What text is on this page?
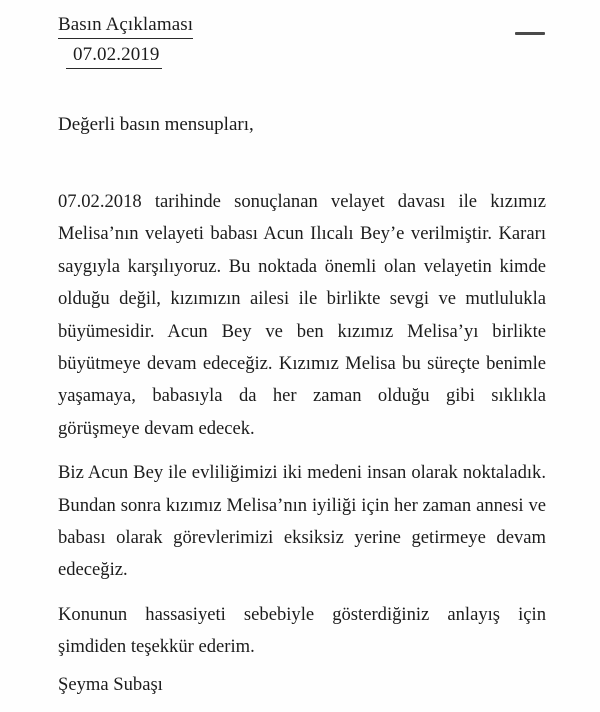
Basın Açıklaması
07.02.2019
Değerli basın mensupları,

07.02.2018 tarihinde sonuçlanan velayet davası ile kızımız Melisa’nın velayeti babası Acun Ilıcalı Bey’e verilmiştir. Kararı saygıyla karşılıyoruz. Bu noktada önemli olan velayetin kimde olduğu değil, kızımızın ailesi ile birlikte sevgi ve mutlulukla büyümesidir. Acun Bey ve ben kızımız Melisa’yı birlikte büyütmeye devam edeceğiz. Kızımız Melisa bu süreçte benimle yaşamaya, babasıyla da her zaman olduğu gibi sıklıkla görüşmeye devam edecek.

Biz Acun Bey ile evliliğimizi iki medeni insan olarak noktaladık. Bundan sonra kızımız Melisa’nın iyiliği için her zaman annesi ve babası olarak görevlerimizi eksiksiz yerine getirmeye devam edeceğiz.

Konunun hassasiyeti sebebiyle gösterdiğiniz anlayış için şimdiden teşekkür ederim.

Şeyma Subaşı
